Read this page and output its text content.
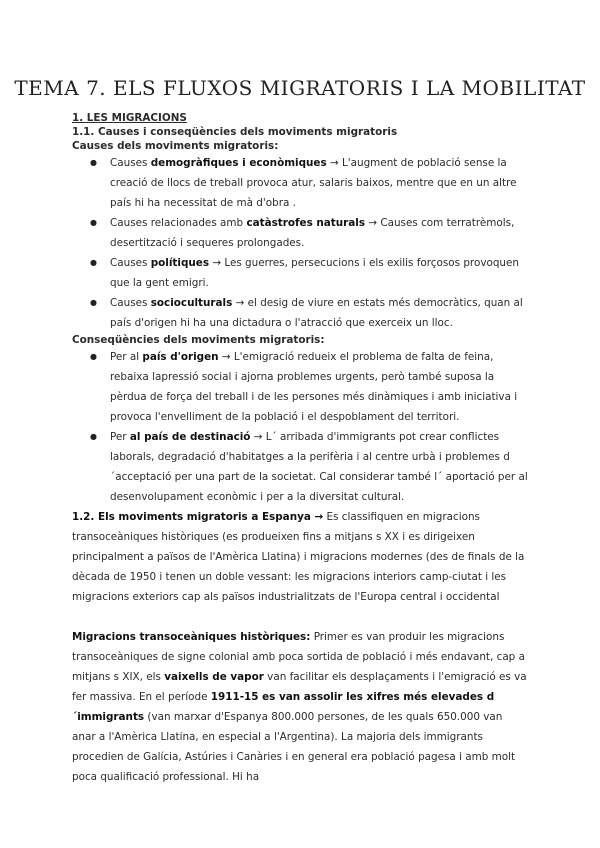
TEMA 7. ELS FLUXOS MIGRATORIS I LA MOBILITAT
1. LES MIGRACIONS
1.1. Causes i conseqüències dels moviments migratoris
Causes dels moviments migratoris:
● Causes demogràfiques i econòmiques → L'augment de població sense la creació de llocs de treball provoca atur, salaris baixos, mentre que en un altre país hi ha necessitat de mà d'obra .
● Causes relacionades amb catàstrofes naturals → Causes com terratrèmols, desertització i sequeres prolongades.
● Causes polítiques → Les guerres, persecucions i els exilis forçosos provoquen que la gent emigri.
● Causes socioculturals → el desig de viure en estats més democràtics, quan al país d'origen hi ha una dictadura o l'atracció que exerceix un lloc.
Conseqüències dels moviments migratoris:
● Per al país d'origen → L'emigració redueix el problema de falta de feina, rebaixa lapressió social i ajorna problemes urgents, però també suposa la pèrdua de força del treball i de les persones més dinàmiques i amb iniciativa i provoca l'envelliment de la població i el despoblament del territori.
● Per al país de destinació → L´ arribada d'immigrants pot crear conflictes laborals, degradació d'habitatges a la perifèria i al centre urbà i problemes d´acceptació per una part de la societat. Cal considerar també l´ aportació per al desenvolupament econòmic i per a la diversitat cultural.

1.2. Els moviments migratoris a Espanya → Es classifiquen en migracions transoceàniques històriques (es produeixen fins a mitjans s XX i es dirigeixen principalment a països de l'Amèrica Llatina) i migracions modernes (des de finals de la dècada de 1950 i tenen un doble vessant: les migracions interiors camp-ciutat i les migracions exteriors cap als països industrialitzats de l'Europa central i occidental

Migracions transoceàniques històriques: Primer es van produir les migracions transoceàniques de signe colonial amb poca sortida de població i més endavant, cap a mitjans s XIX, els vaixells de vapor van facilitar els desplaçaments i l'emigració es va fer massiva. En el període 1911-15 es van assolir les xifres més elevades d´immigrants (van marxar d'Espanya 800.000 persones, de les quals 650.000 van anar a l'Amèrica Llatina, en especial a l'Argentina). La majoria dels immigrants procedien de Galícia, Astúries i Canàries i en general era població pagesa i amb molt poca qualificació professional. Hi ha
